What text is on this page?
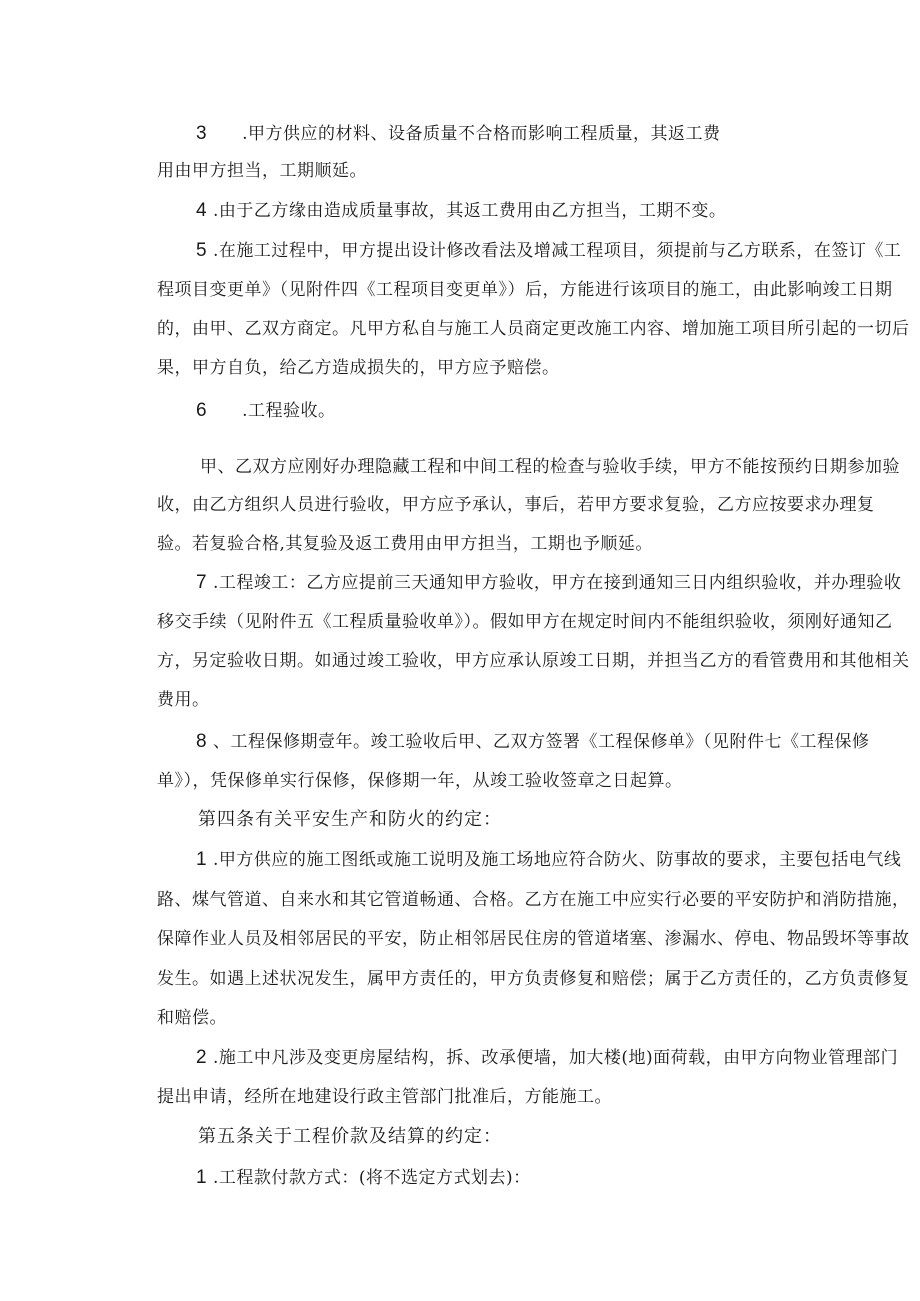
3　　.甲方供应的材料、设备质量不合格而影响工程质量，其返工费
用由甲方担当，工期顺延。
4 .由于乙方缘由造成质量事故，其返工费用由乙方担当，工期不变。
5 .在施工过程中，甲方提出设计修改看法及增减工程项目，须提前与乙方联系，在签订《工
程项目变更单》（见附件四《工程项目变更单》）后，方能进行该项目的施工，由此影响竣工日期
的，由甲、乙双方商定。凡甲方私自与施工人员商定更改施工内容、增加施工项目所引起的一切后
果，甲方自负，给乙方造成损失的，甲方应予赔偿。
6　　.工程验收。
甲、乙双方应刚好办理隐藏工程和中间工程的检查与验收手续，甲方不能按预约日期参加验
收，由乙方组织人员进行验收，甲方应予承认，事后，若甲方要求复验，乙方应按要求办理复
验。若复验合格,其复验及返工费用由甲方担当，工期也予顺延。
7 .工程竣工：乙方应提前三天通知甲方验收，甲方在接到通知三日内组织验收，并办理验收
移交手续（见附件五《工程质量验收单》）。假如甲方在规定时间内不能组织验收，须刚好通知乙
方，另定验收日期。如通过竣工验收，甲方应承认原竣工日期，并担当乙方的看管费用和其他相关
费用。
8 、工程保修期壹年。竣工验收后甲、乙双方签署《工程保修单》（见附件七《工程保修
单》），凭保修单实行保修，保修期一年，从竣工验收签章之日起算。
第四条有关平安生产和防火的约定：
1 .甲方供应的施工图纸或施工说明及施工场地应符合防火、防事故的要求，主要包括电气线
路、煤气管道、自来水和其它管道畅通、合格。乙方在施工中应实行必要的平安防护和消防措施，
保障作业人员及相邻居民的平安，防止相邻居民住房的管道堵塞、渗漏水、停电、物品毁坏等事故
发生。如遇上述状况发生，属甲方责任的，甲方负责修复和赔偿；属于乙方责任的，乙方负责修复
和赔偿。
2 .施工中凡涉及变更房屋结构，拆、改承便墙，加大楼(地)面荷载，由甲方向物业管理部门
提出申请，经所在地建设行政主管部门批准后，方能施工。
第五条关于工程价款及结算的约定：
1 .工程款付款方式：(将不选定方式划去)：
